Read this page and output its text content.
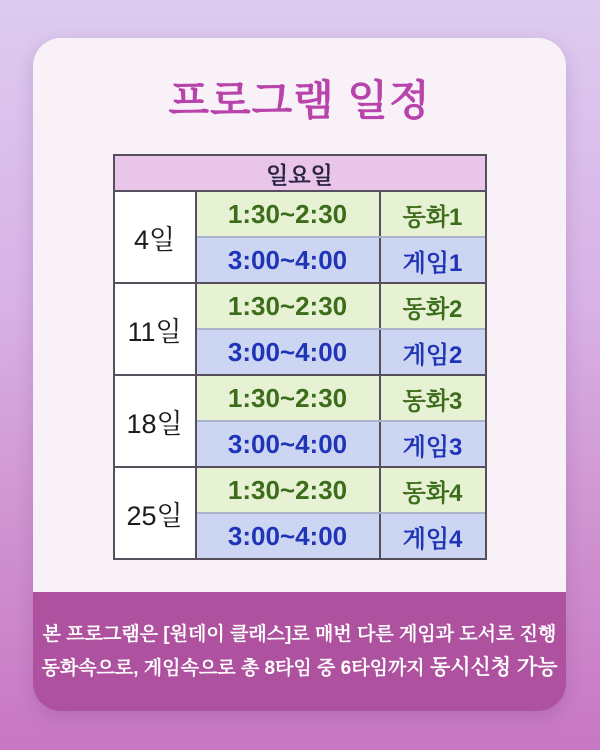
프로그램 일정
일요일
4일
1:30~2:30	동화1
3:00~4:00	게임1
11일
1:30~2:30	동화2
3:00~4:00	게임2
18일
1:30~2:30	동화3
3:00~4:00	게임3
25일
1:30~2:30	동화4
3:00~4:00	게임4
본 프로그램은 [원데이 클래스]로 매번 다른 게임과 도서로 진행
동화속으로, 게임속으로 총 8타임 중 6타임까지 동시신청 가능
